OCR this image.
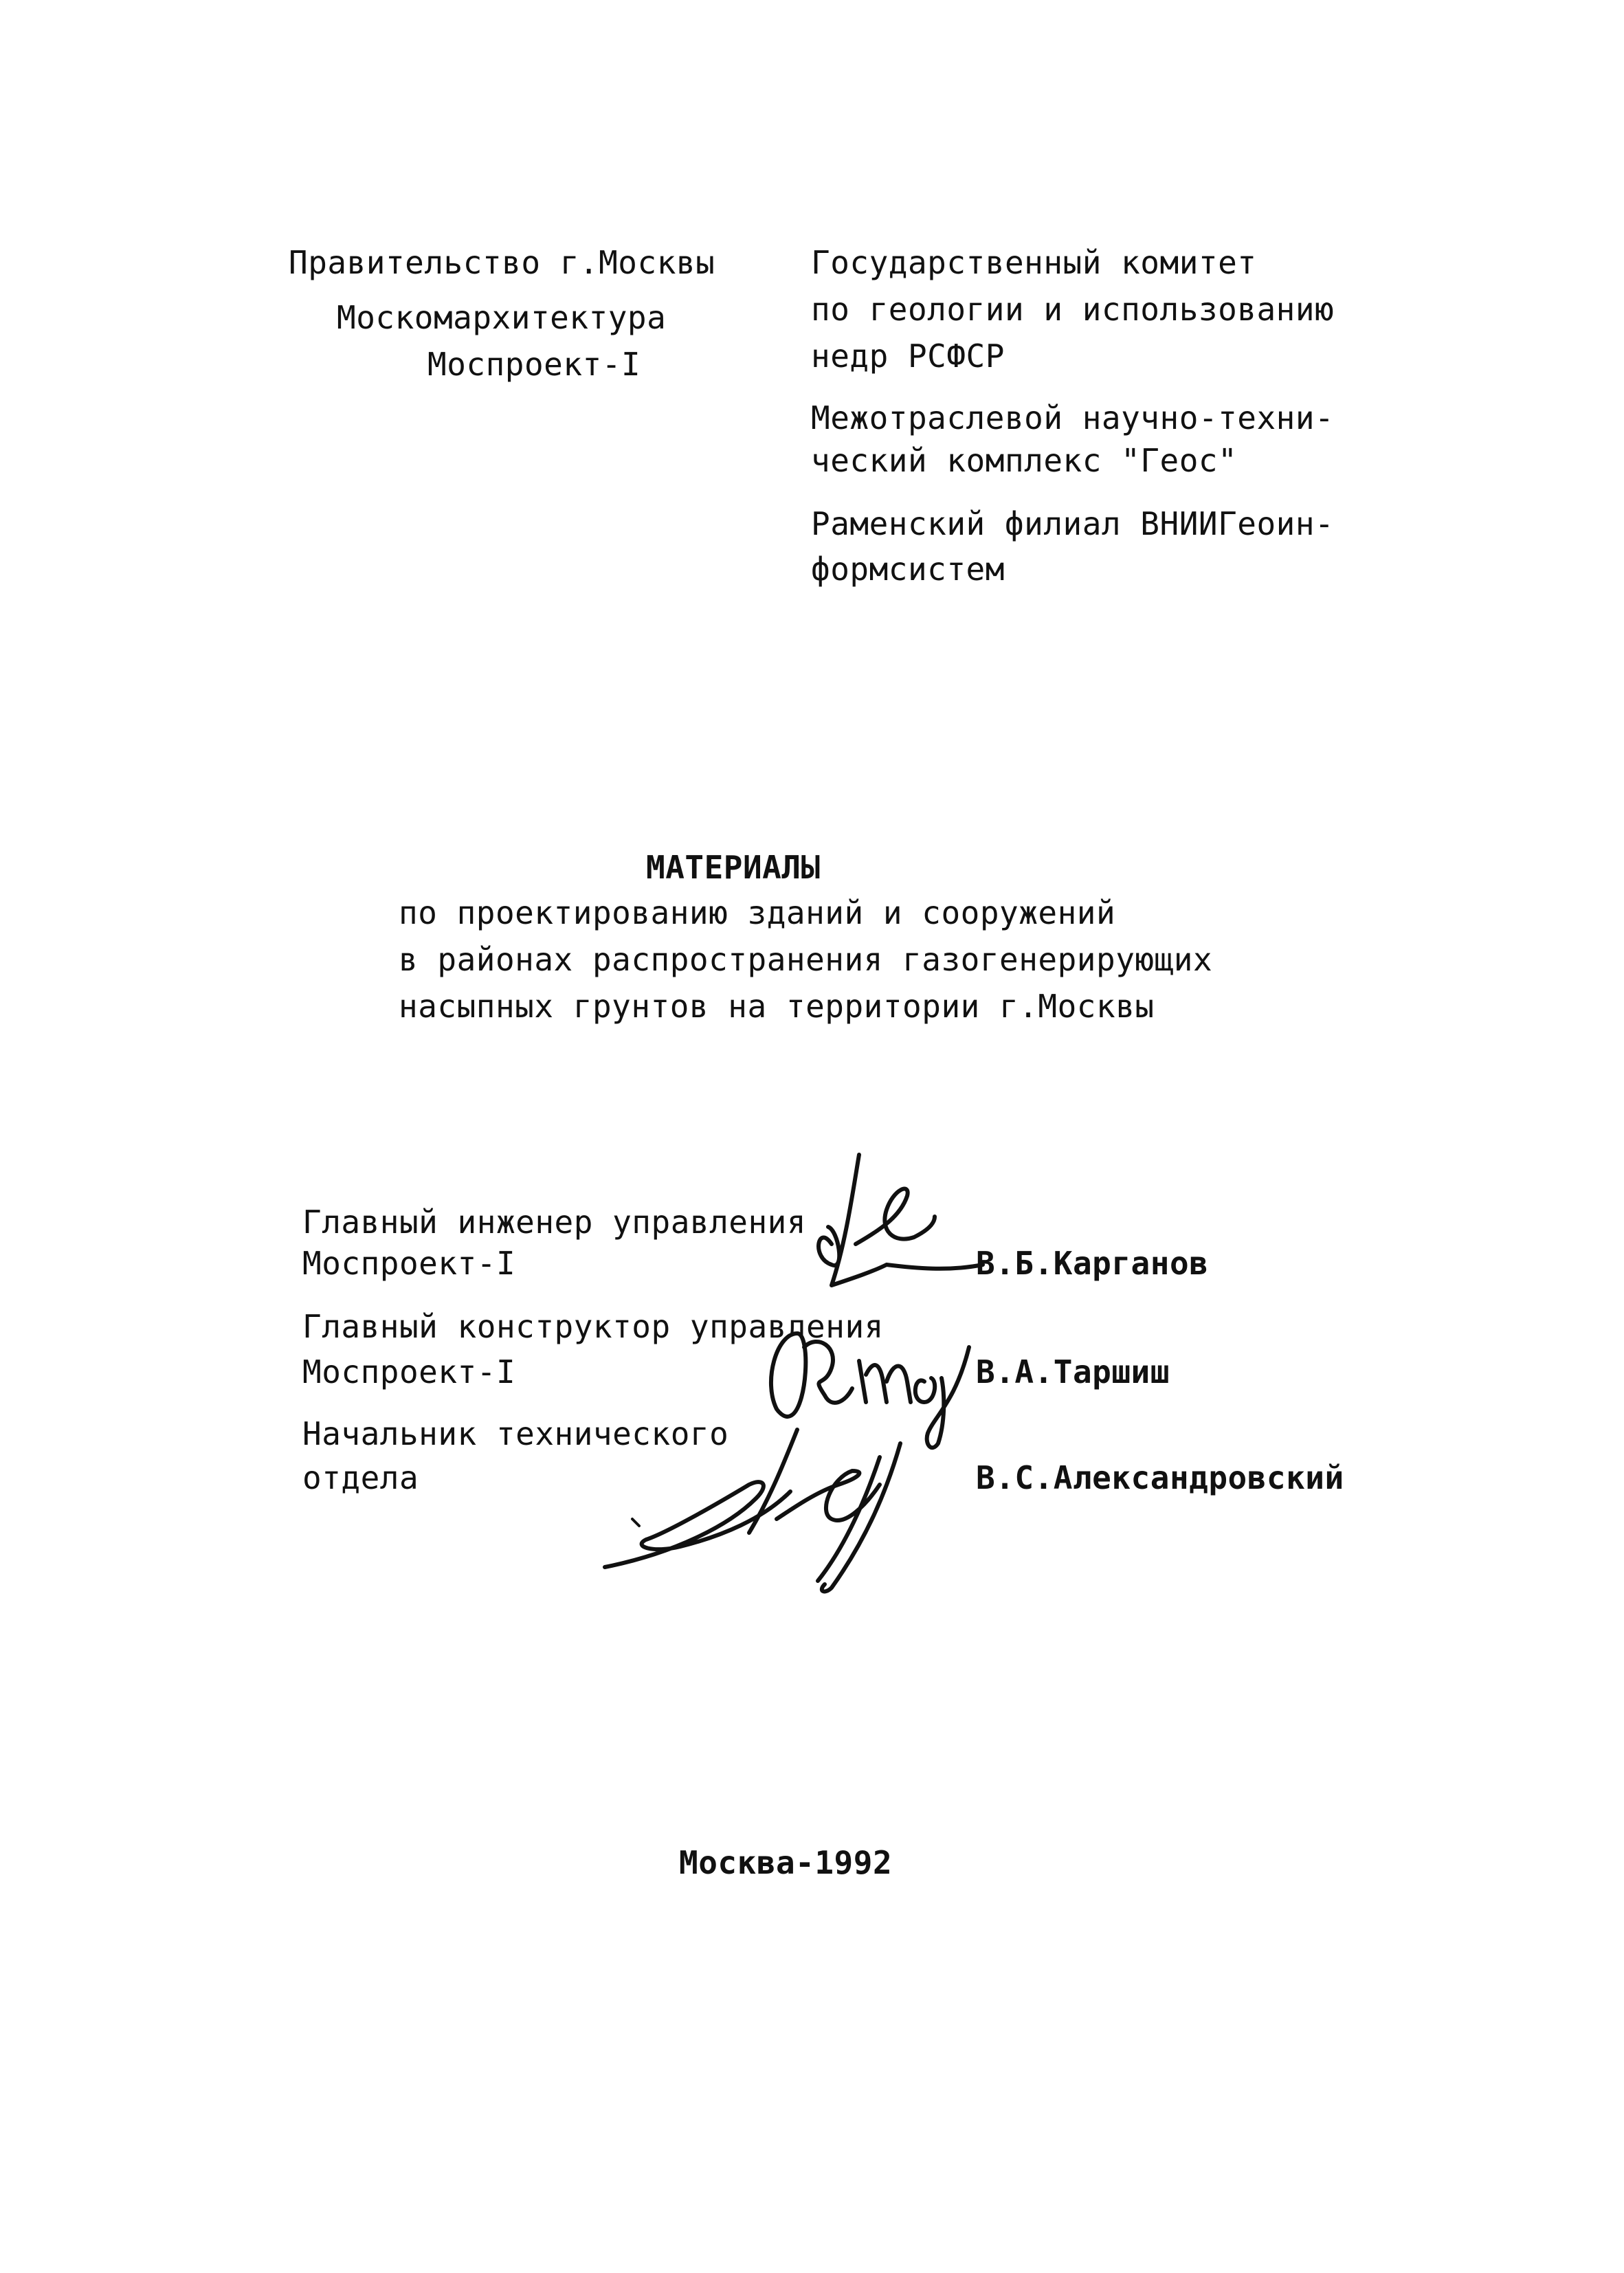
Правительство г.Москвы
Москомархитектура
Моспроект-I
Государственный комитет
по геологии и использованию
недр РСФСР
Межотраслевой научно-техни-
ческий комплекс "Геос"
Раменский филиал ВНИИГеоин-
формсистем
МАТЕРИАЛЫ
по проектированию зданий и сооружений
в районах распространения газогенерирующих
насыпных грунтов на территории г.Москвы
Главный инженер управления
Моспроект-I	В.Б.Карганов
Главный конструктор управления
Моспроект-I	В.А.Таршиш
Начальник технического
отдела	В.С.Александровский
Москва-1992
